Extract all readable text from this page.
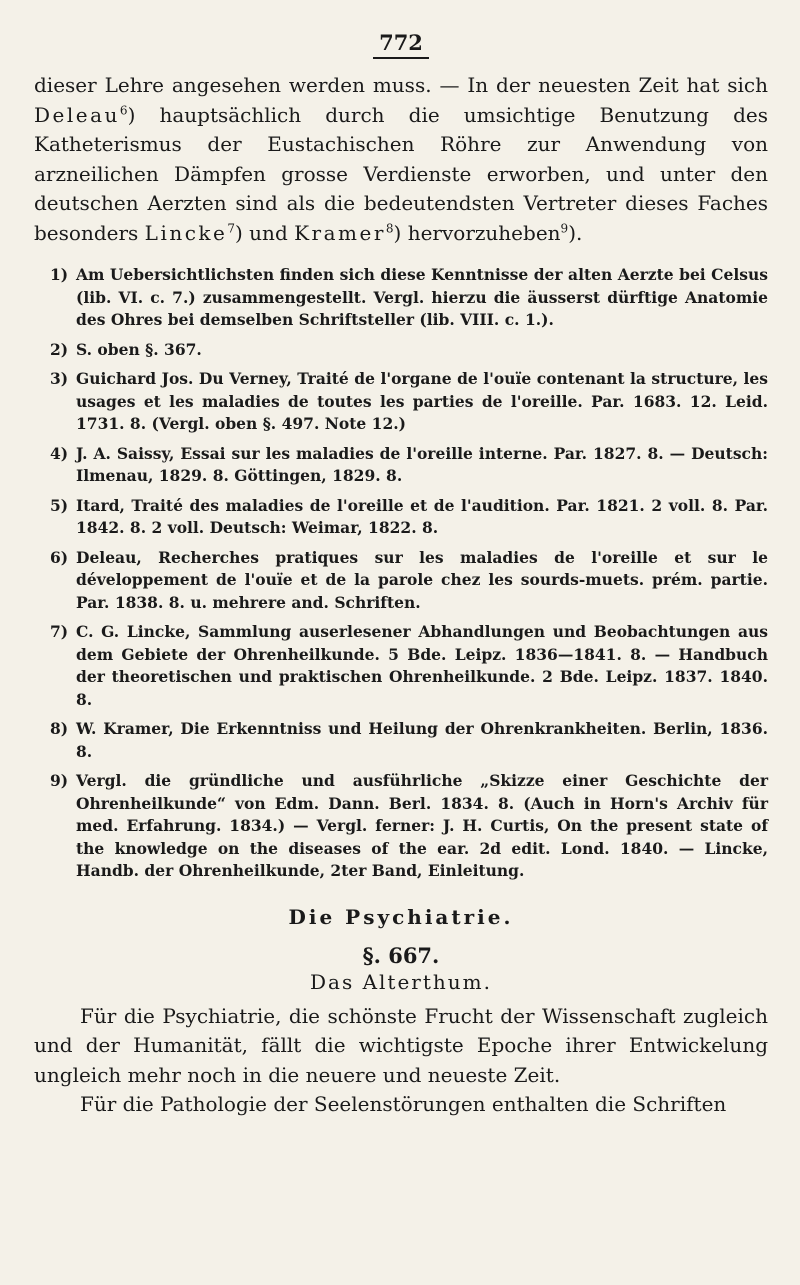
772

dieser Lehre angesehen werden muss. — In der neuesten Zeit hat sich Deleau$^6$) hauptsächlich durch die umsichtige Benutzung des Katheterismus der Eustachischen Röhre zur Anwendung von arzneilichen Dämpfen grosse Verdienste erworben, und unter den deutschen Aerzten sind als die bedeutendsten Vertreter dieses Faches besonders Lincke$^7$) und Kramer$^8$) hervorzuheben$^9$).

1) Am Uebersichtlichsten finden sich diese Kenntnisse der alten Aerzte bei Celsus (lib. VI. c. 7.) zusammengestellt. Vergl. hierzu die äusserst dürftige Anatomie des Ohres bei demselben Schriftsteller (lib. VIII. c. 1.).
2) S. oben §. 367.
3) Guichard Jos. Du Verney, Traité de l'organe de l'ouïe contenant la structure, les usages et les maladies de toutes les parties de l'oreille. Par. 1683. 12. Leid. 1731. 8. (Vergl. oben §. 497. Note 12.)
4) J. A. Saissy, Essai sur les maladies de l'oreille interne. Par. 1827. 8. — Deutsch: Ilmenau, 1829. 8. Göttingen, 1829. 8.
5) Itard, Traité des maladies de l'oreille et de l'audition. Par. 1821. 2 voll. 8. Par. 1842. 8. 2 voll. Deutsch: Weimar, 1822. 8.
6) Deleau, Recherches pratiques sur les maladies de l'oreille et sur le développement de l'ouïe et de la parole chez les sourds-muets. prém. partie. Par. 1838. 8. u. mehrere and. Schriften.
7) C. G. Lincke, Sammlung auserlesener Abhandlungen und Beobachtungen aus dem Gebiete der Ohrenheilkunde. 5 Bde. Leipz. 1836—1841. 8. — Handbuch der theoretischen und praktischen Ohrenheilkunde. 2 Bde. Leipz. 1837. 1840. 8.
8) W. Kramer, Die Erkenntniss und Heilung der Ohrenkrankheiten. Berlin, 1836. 8.
9) Vergl. die gründliche und ausführliche „Skizze einer Geschichte der Ohrenheilkunde“ von Edm. Dann. Berl. 1834. 8. (Auch in Horn's Archiv für med. Erfahrung. 1834.) — Vergl. ferner: J. H. Curtis, On the present state of the knowledge on the diseases of the ear. 2d edit. Lond. 1840. — Lincke, Handb. der Ohrenheilkunde, 2ter Band, Einleitung.
Die Psychiatrie.
§. 667.
Das Alterthum.

Für die Psychiatrie, die schönste Frucht der Wissenschaft zugleich und der Humanität, fällt die wichtigste Epoche ihrer Entwickelung ungleich mehr noch in die neuere und neueste Zeit.

Für die Pathologie der Seelenstörungen enthalten die Schriften
